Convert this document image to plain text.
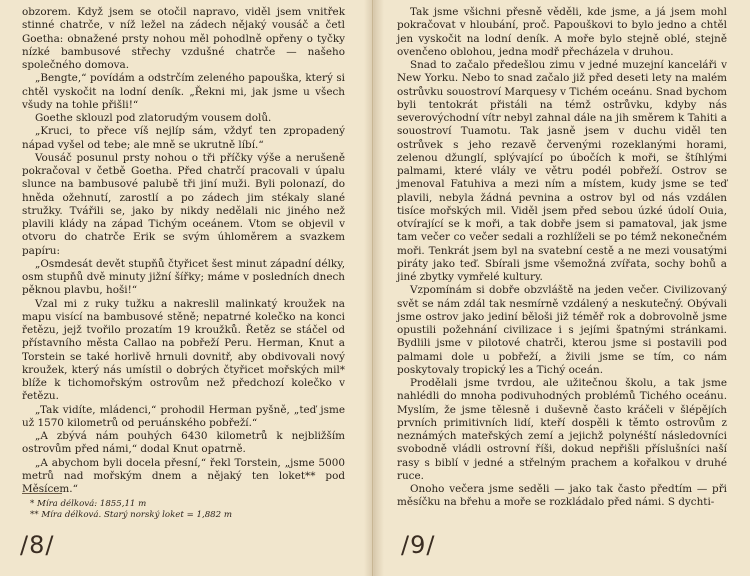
obzorem. Když jsem se otočil napravo, viděl jsem vnitřek stinné chatrče, v níž ležel na zádech nějaký vousáč a četl Goetha: obnažené prsty nohou měl pohodlně opřeny o tyčky nízké bambusové střechy vzdušné chatrče — našeho společného domova.

„Bengte,“ povídám a odstrčím zeleného papouška, který si chtěl vyskočit na lodní deník. „Řekni mi, jak jsme u všech všudy na tohle přišli!“

Goethe sklouzl pod zlatorudým vousem dolů.

„Kruci, to přece víš nejlíp sám, vždyť ten zpropadený nápad vyšel od tebe; ale mně se ukrutně líbí.“

Vousáč posunul prsty nohou o tři příčky výše a nerušeně pokračoval v četbě Goetha. Před chatrčí pracovali v úpalu slunce na bambusové palubě tři jiní muži. Byli polonazí, do hněda ožehnutí, zarostlí a po zádech jim stékaly slané stružky. Tvářili se, jako by nikdy nedělali nic jiného než plavili klády na západ Tichým oceánem. Vtom se objevil v otvoru do chatrče Erik se svým úhloměrem a svazkem papíru:

„Osmdesát devět stupňů čtyřicet šest minut západní délky, osm stupňů dvě minuty jižní šířky; máme v posledních dnech pěknou plavbu, hoši!“

Vzal mi z ruky tužku a nakreslil malinkatý kroužek na mapu visící na bambusové stěně; nepatrné kolečko na konci řetězu, jejž tvořilo prozatím 19 kroužků. Řetěz se stáčel od přístavního města Callao na pobřeží Peru. Herman, Knut a Torstein se také horlivě hrnuli dovnitř, aby obdivovali nový kroužek, který nás umístil o dobrých čtyřicet mořských mil* blíže k tichomořským ostrovům než předchozí kolečko v řetězu.

„Tak vidíte, mládenci,“ prohodil Herman pyšně, „teď jsme už 1570 kilometrů od peruánského pobřeží.“

„A zbývá nám pouhých 6430 kilometrů k nejbližším ostrovům před námi,“ dodal Knut opatrně.

„A abychom byli docela přesní,“ řekl Torstein, „jsme 5000 metrů nad mořským dnem a nějaký ten loket** pod Měsícem.“

* Míra délková: 1855,11 m
** Míra délková. Starý norský loket = 1,882 m
/8/

Tak jsme všichni přesně věděli, kde jsme, a já jsem mohl pokračovat v hloubání, proč. Papouškovi to bylo jedno a chtěl jen vyskočit na lodní deník. A moře bylo stejně oblé, stejně ovenčeno oblohou, jedna modř přecházela v druhou.

Snad to začalo předešlou zimu v jedné muzejní kanceláři v New Yorku. Nebo to snad začalo již před deseti lety na malém ostrůvku souostroví Marquesy v Tichém oceánu. Snad bychom byli tentokrát přistáli na témž ostrůvku, kdyby nás severovýchodní vítr nebyl zahnal dále na jih směrem k Tahiti a souostroví Tuamotu. Tak jasně jsem v duchu viděl ten ostrůvek s jeho rezavě červenými rozeklanými horami, zelenou džunglí, splývající po úbočích k moři, se štíhlými palmami, které vlály ve větru podél pobřeží. Ostrov se jmenoval Fatuhiva a mezi ním a místem, kudy jsme se teď plavili, nebyla žádná pevnina a ostrov byl od nás vzdálen tisíce mořských mil. Viděl jsem před sebou úzké údolí Ouia, otvírající se k moři, a tak dobře jsem si pamatoval, jak jsme tam večer co večer sedali a rozhlíželi se po témž nekonečném moři. Tenkrát jsem byl na svatební cestě a ne mezi vousatými piráty jako teď. Sbírali jsme všemožná zvířata, sochy bohů a jiné zbytky vymřelé kultury.

Vzpomínám si dobře obzvláště na jeden večer. Civilizovaný svět se nám zdál tak nesmírně vzdálený a neskutečný. Obývali jsme ostrov jako jediní běloši již téměř rok a dobrovolně jsme opustili požehnání civilizace i s jejími špatnými stránkami. Bydlili jsme v pilotové chatrči, kterou jsme si postavili pod palmami dole u pobřeží, a živili jsme se tím, co nám poskytovaly tropický les a Tichý oceán.

Prodělali jsme tvrdou, ale užitečnou školu, a tak jsme nahlédli do mnoha podivuhodných problémů Tichého oceánu. Myslím, že jsme tělesně i duševně často kráčeli v šlépějích prvních primitivních lidí, kteří dospěli k těmto ostrovům z neznámých mateřských zemí a jejichž polynéští následovníci svobodně vládli ostrovní říši, dokud nepřišli příslušníci naší rasy s biblí v jedné a střelným prachem a kořalkou v druhé ruce.

Onoho večera jsme seděli — jako tak často předtím — při měsíčku na břehu a moře se rozkládalo před námi. S dychti-

/9/
